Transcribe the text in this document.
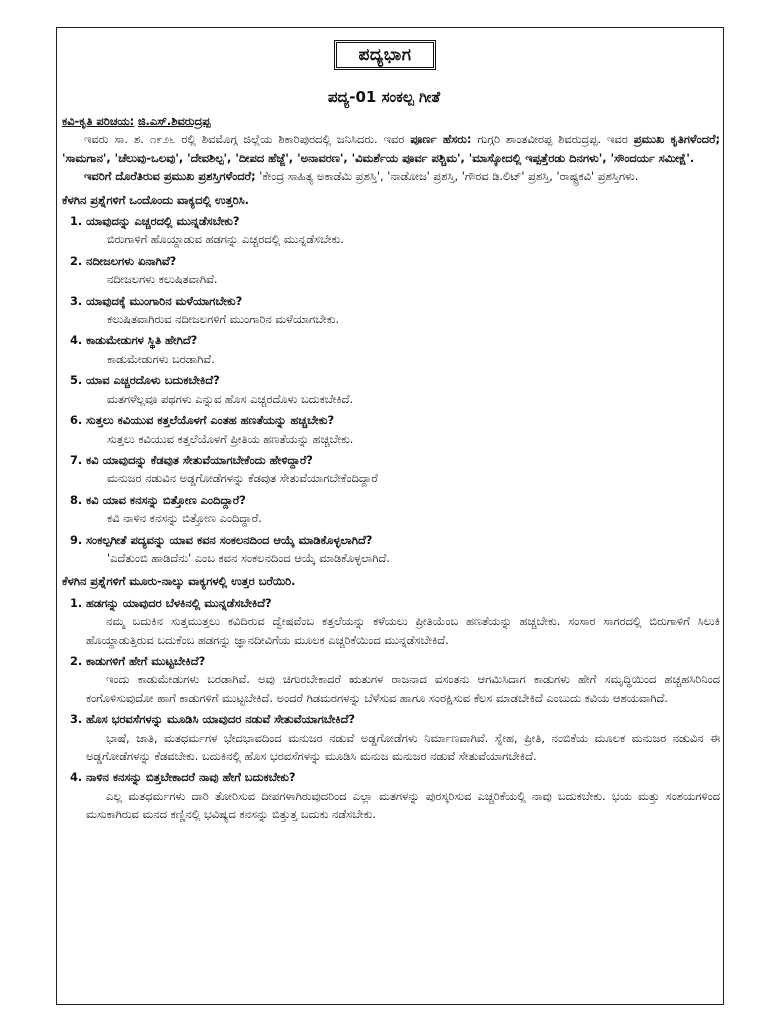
ಪದ್ಯಭಾಗ
ಪದ್ಯ-01 ಸಂಕಲ್ಪ ಗೀತೆ

ಕವಿ-ಕೃತಿ ಪರಿಚಯ: ಜಿ.ಎಸ್.ಶಿವರುದ್ರಪ್ಪ

ಇವರು ಸಾ. ಶ. ೧೯೨೬ ರಲ್ಲಿ ಶಿವಮೊಗ್ಗ ಜಿಲ್ಲೆಯ ಶಿಕಾರಿಪುರದಲ್ಲಿ ಜನಿಸಿದರು. ಇವರ ಪೂರ್ಣ ಹೆಸರು: ಗುಗ್ಗರಿ ಶಾಂತವೀರಪ್ಪ ಶಿವರುದ್ರಪ್ಪ. ಇವರ ಪ್ರಮುಖ ಕೃತಿಗಳೆಂದರೆ; 'ಸಾಮಗಾನ', 'ಚೆಲುವು-ಒಲವು', 'ದೇವಶಿಲ್ಪ', 'ದೀಪದ ಹೆಜ್ಜೆ', 'ಅನಾವರಣ', 'ವಿಮರ್ಶೆಯ ಪೂರ್ವ ಪಶ್ಚಿಮ', 'ಮಾಸ್ಕೋದಲ್ಲಿ ಇಪ್ಪತ್ತೆರಡು ದಿನಗಳು', 'ಸೌಂದರ್ಯ ಸಮೀಕ್ಷೆ'.

ಇವರಿಗೆ ದೊರೆತಿರುವ ಪ್ರಮುಖ ಪ್ರಶಸ್ತಿಗಳೆಂದರೆ; 'ಕೇಂದ್ರ ಸಾಹಿತ್ಯ ಅಕಾಡೆಮಿ ಪ್ರಶಸ್ತಿ', 'ನಾಡೋಜ' ಪ್ರಶಸ್ತಿ, 'ಗೌರವ ಡಿ.ಲಿಟ್' ಪ್ರಶಸ್ತಿ, 'ರಾಷ್ಟ್ರಕವಿ' ಪ್ರಶಸ್ತಿಗಳು.

ಕೆಳಗಿನ ಪ್ರಶ್ನೆಗಳಿಗೆ ಒಂದೊಂದು ವಾಕ್ಯದಲ್ಲಿ ಉತ್ತರಿಸಿ.

1. ಯಾವುದನ್ನು ಎಚ್ಚರದಲ್ಲಿ ಮುನ್ನಡೆಸಬೇಕು?

ಬಿರುಗಾಳಿಗೆ ಹೊಯ್ದಾಡುವ ಹಡಗನ್ನು ಎಚ್ಚರದಲ್ಲಿ ಮುನ್ನಡೆಸಬೇಕು.

2. ನದೀಜಲಗಳು ಏನಾಗಿವೆ?

ನದೀಜಲಗಳು ಕಲುಷಿತವಾಗಿವೆ.

3. ಯಾವುದಕ್ಕೆ ಮುಂಗಾರಿನ ಮಳೆಯಾಗಬೇಕು?

ಕಲುಷಿತವಾಗಿರುವ ನದೀಜಲಗಳಿಗೆ ಮುಂಗಾರಿನ ಮಳೆಯಾಗಬೇಕು.

4. ಕಾಡುಮೇಡುಗಳ ಸ್ಥಿತಿ ಹೇಗಿದೆ?

ಕಾಡುಮೇಡುಗಳು ಬರಡಾಗಿವೆ.

5. ಯಾವ ಎಚ್ಚರದೊಳು ಬದುಕಬೇಕಿದೆ?

ಮತಗಳೆಲ್ಲವೂ ಪಥಗಳು ಎನ್ನುವ ಹೊಸ ಎಚ್ಚರದೊಳು ಬದುಕಬೇಕಿದೆ.

6. ಸುತ್ತಲು ಕವಿಯುವ ಕತ್ತಲೆಯೊಳಗೆ ಎಂತಹ ಹಣತೆಯನ್ನು ಹಚ್ಚಬೇಕು?

ಸುತ್ತಲು ಕವಿಯುವ ಕತ್ತಲೆಯೊಳಗೆ ಪ್ರೀತಿಯ ಹಣತೆಯನ್ನು ಹಚ್ಚಬೇಕು.

7. ಕವಿ ಯಾವುದನ್ನು ಕೆಡವುತ ಸೇತುವೆಯಾಗಬೇಕೆಂದು ಹೇಳಿದ್ದಾರೆ?

ಮನುಜರ ನಡುವಿನ ಅಡ್ಡಗೋಡೆಗಳನ್ನು ಕೆಡವುತ ಸೇತುವೆಯಾಗಬೇಕೆಂದಿದ್ದಾರೆ

8. ಕವಿ ಯಾವ ಕನಸನ್ನು ಬಿತ್ತೋಣ ಎಂದಿದ್ದಾರೆ?

ಕವಿ ನಾಳಿನ ಕನಸನ್ನು ಬಿತ್ತೋಣ ಎಂದಿದ್ದಾರೆ.

9. ಸಂಕಲ್ಪಗೀತೆ ಪದ್ಯವನ್ನು ಯಾವ ಕವನ ಸಂಕಲನದಿಂದ ಆಯ್ಕೆ ಮಾಡಿಕೊಳ್ಳಲಾಗಿದೆ?

'ಎದೆತುಂಬಿ ಹಾಡಿದೆನು' ಎಂಬ ಕವನ ಸಂಕಲನದಿಂದ ಆಯ್ಕೆ ಮಾಡಿಕೊಳ್ಳಲಾಗಿದೆ.

ಕೆಳಗಿನ ಪ್ರಶ್ನೆಗಳಿಗೆ ಮೂರು-ನಾಲ್ಕು ವಾಕ್ಯಗಳಲ್ಲಿ ಉತ್ತರ ಬರೆಯಿರಿ.

1. ಹಡಗನ್ನು ಯಾವುದರ ಬೆಳಕಿನಲ್ಲಿ ಮುನ್ನಡೆಸಬೇಕಿದೆ?

ನಮ್ಮ ಬದುಕಿನ ಸುತ್ತಮುತ್ತಲು ಕವಿದಿರುವ ದ್ವೇಷವೆಂಬ ಕತ್ತಲೆಯನ್ನು ಕಳೆಯಲು ಪ್ರೀತಿಯೆಂಬ ಹಣತೆಯನ್ನು ಹಚ್ಚಬೇಕು. ಸಂಸಾರ ಸಾಗರದಲ್ಲಿ ಬಿರುಗಾಳಿಗೆ ಸಿಲುಕಿ ಹೊಯ್ದಾಡುತ್ತಿರುವ ಬದುಕೆಂಬ ಹಡಗನ್ನು ಜ್ಞಾನದೀವಿಗೆಯ ಮೂಲಕ ಎಚ್ಚರಿಕೆಯಿಂದ ಮುನ್ನಡೆಸಬೇಕಿದೆ.

2. ಕಾಡುಗಳಿಗೆ ಹೇಗೆ ಮುಟ್ಟಬೇಕಿದೆ?

ಇಂದು ಕಾಡುಮೇಡುಗಳು ಬರಡಾಗಿವೆ. ಅವು ಚಿಗುರಬೇಕಾದರೆ ಋತುಗಳ ರಾಜನಾದ ವಸಂತನು ಆಗಮಿಸಿದಾಗ ಕಾಡುಗಳು ಹೇಗೆ ಸಮೃದ್ಧಿಯಿಂದ ಹಚ್ಚಹಸಿರಿನಿಂದ ಕಂಗೊಳಿಸುವುದೋ ಹಾಗೆ ಕಾಡುಗಳಿಗೆ ಮುಟ್ಟಬೇಕಿದೆ. ಅಂದರೆ ಗಿಡಮರಗಳನ್ನು ಬೆಳೆಸುವ ಹಾಗೂ ಸಂರಕ್ಷಿಸುವ ಕೆಲಸ ಮಾಡಬೇಕಿದೆ ಎಂಬುದು ಕವಿಯ ಆಶಯವಾಗಿದೆ.

3. ಹೊಸ ಭರವಸೆಗಳನ್ನು ಮೂಡಿಸಿ ಯಾವುದರ ನಡುವೆ ಸೇತುವೆಯಾಗಬೇಕಿದೆ?

ಭಾಷೆ, ಜಾತಿ, ಮತಧರ್ಮಗಳ ಭೇದಭಾವದಿಂದ ಮನುಜರ ನಡುವೆ ಅಡ್ಡಗೋಡೆಗಳು ನಿರ್ಮಾಣವಾಗಿವೆ. ಸ್ನೇಹ, ಪ್ರೀತಿ, ನಂಬಿಕೆಯ ಮೂಲಕ ಮನುಜರ ನಡುವಿನ ಈ ಅಡ್ಡಗೋಡೆಗಳನ್ನು ಕೆಡವಬೇಕು. ಬದುಕಿನಲ್ಲಿ ಹೊಸ ಭರವಸೆಗಳನ್ನು ಮೂಡಿಸಿ ಮನುಜ ಮನುಜರ ನಡುವೆ ಸೇತುವೆಯಾಗಬೇಕಿದೆ.

4. ನಾಳಿನ ಕನಸನ್ನು ಬಿತ್ತಬೇಕಾದರೆ ನಾವು ಹೇಗೆ ಬದುಕಬೇಕು?

ಎಲ್ಲ ಮತಧರ್ಮಗಳು ದಾರಿ ತೋರಿಸುವ ದೀಪಗಳಾಗಿರುವುದರಿಂದ ಎಲ್ಲಾ ಮತಗಳನ್ನು ಪುರಸ್ಕರಿಸುವ ಎಚ್ಚರಿಕೆಯಲ್ಲಿ ನಾವು ಬದುಕಬೇಕು. ಭಯ ಮತ್ತು ಸಂಶಯಗಳಿಂದ ಮಸುಕಾಗಿರುವ ಮನದ ಕಣ್ಣಿನಲ್ಲಿ ಭವಿಷ್ಯದ ಕನಸನ್ನು ಬಿತ್ತುತ್ತ ಬದುಕು ನಡೆಸಬೇಕು.
